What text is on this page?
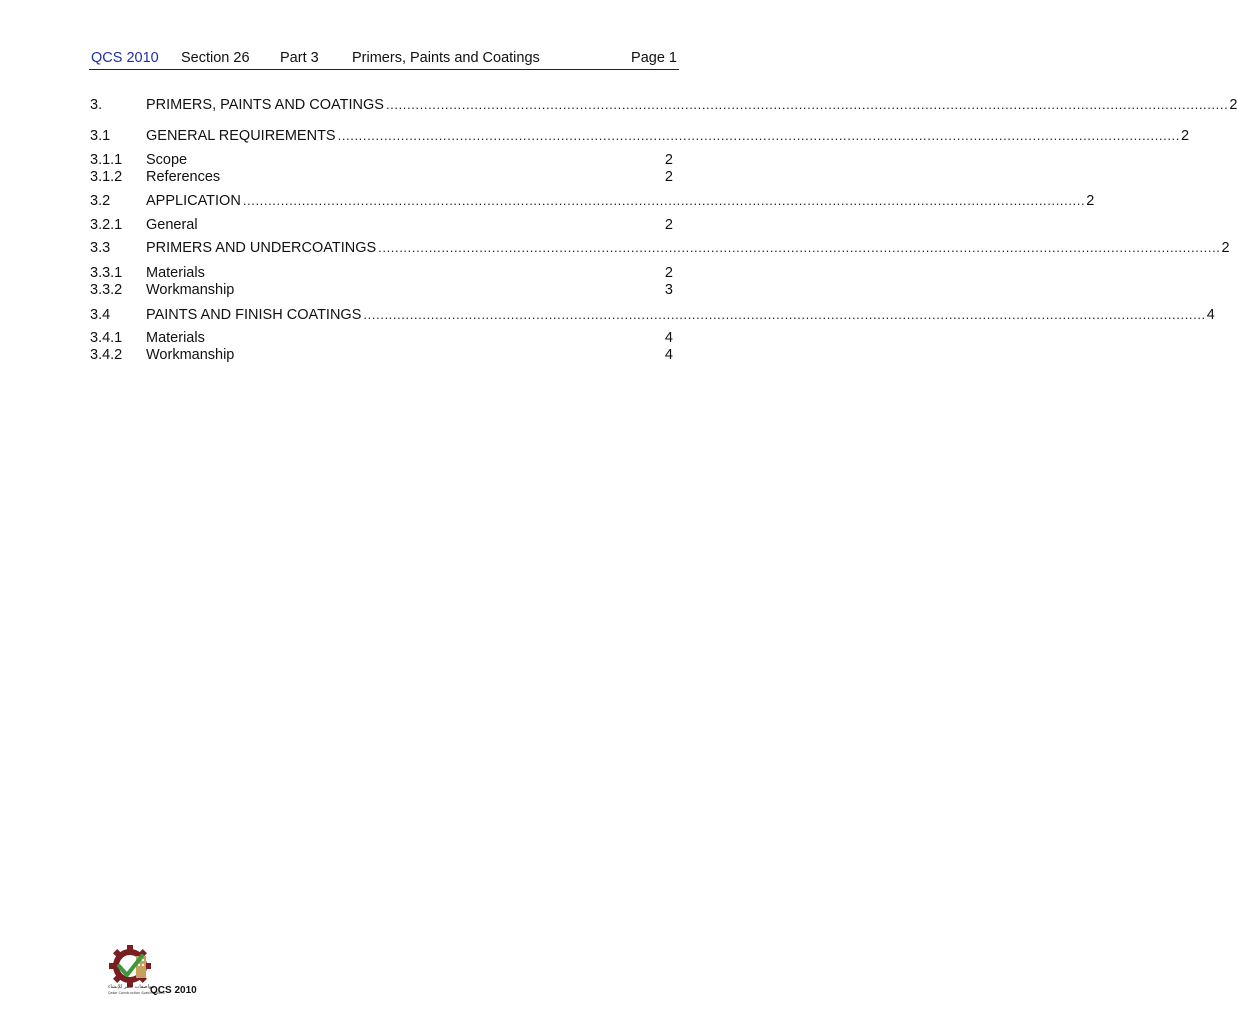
QCS 2010 Section 26 Part 3 Primers, Paints and Coatings	Page 1
3.	PRIMERS, PAINTS AND COATINGS ........................................................................................................................................................................................................ 2
3.1 GENERAL REQUIREMENTS ........................................................................................................................................................................................................ 2
3.1.1 Scope	2
3.1.2 References	2
3.2 APPLICATION ........................................................................................................................................................................................................ 2
3.2.1 General	2
3.3 PRIMERS AND UNDERCOATINGS ........................................................................................................................................................................................................ 2
3.3.1 Materials	2
3.3.2 Workmanship	3
3.4 PAINTS AND FINISH COATINGS ........................................................................................................................................................................................................ 4
3.4.1 Materials	4
3.4.2 Workmanship	4
مواصفات قطر للإنشاء
Qatar Construction Specifications
QCS 2010
